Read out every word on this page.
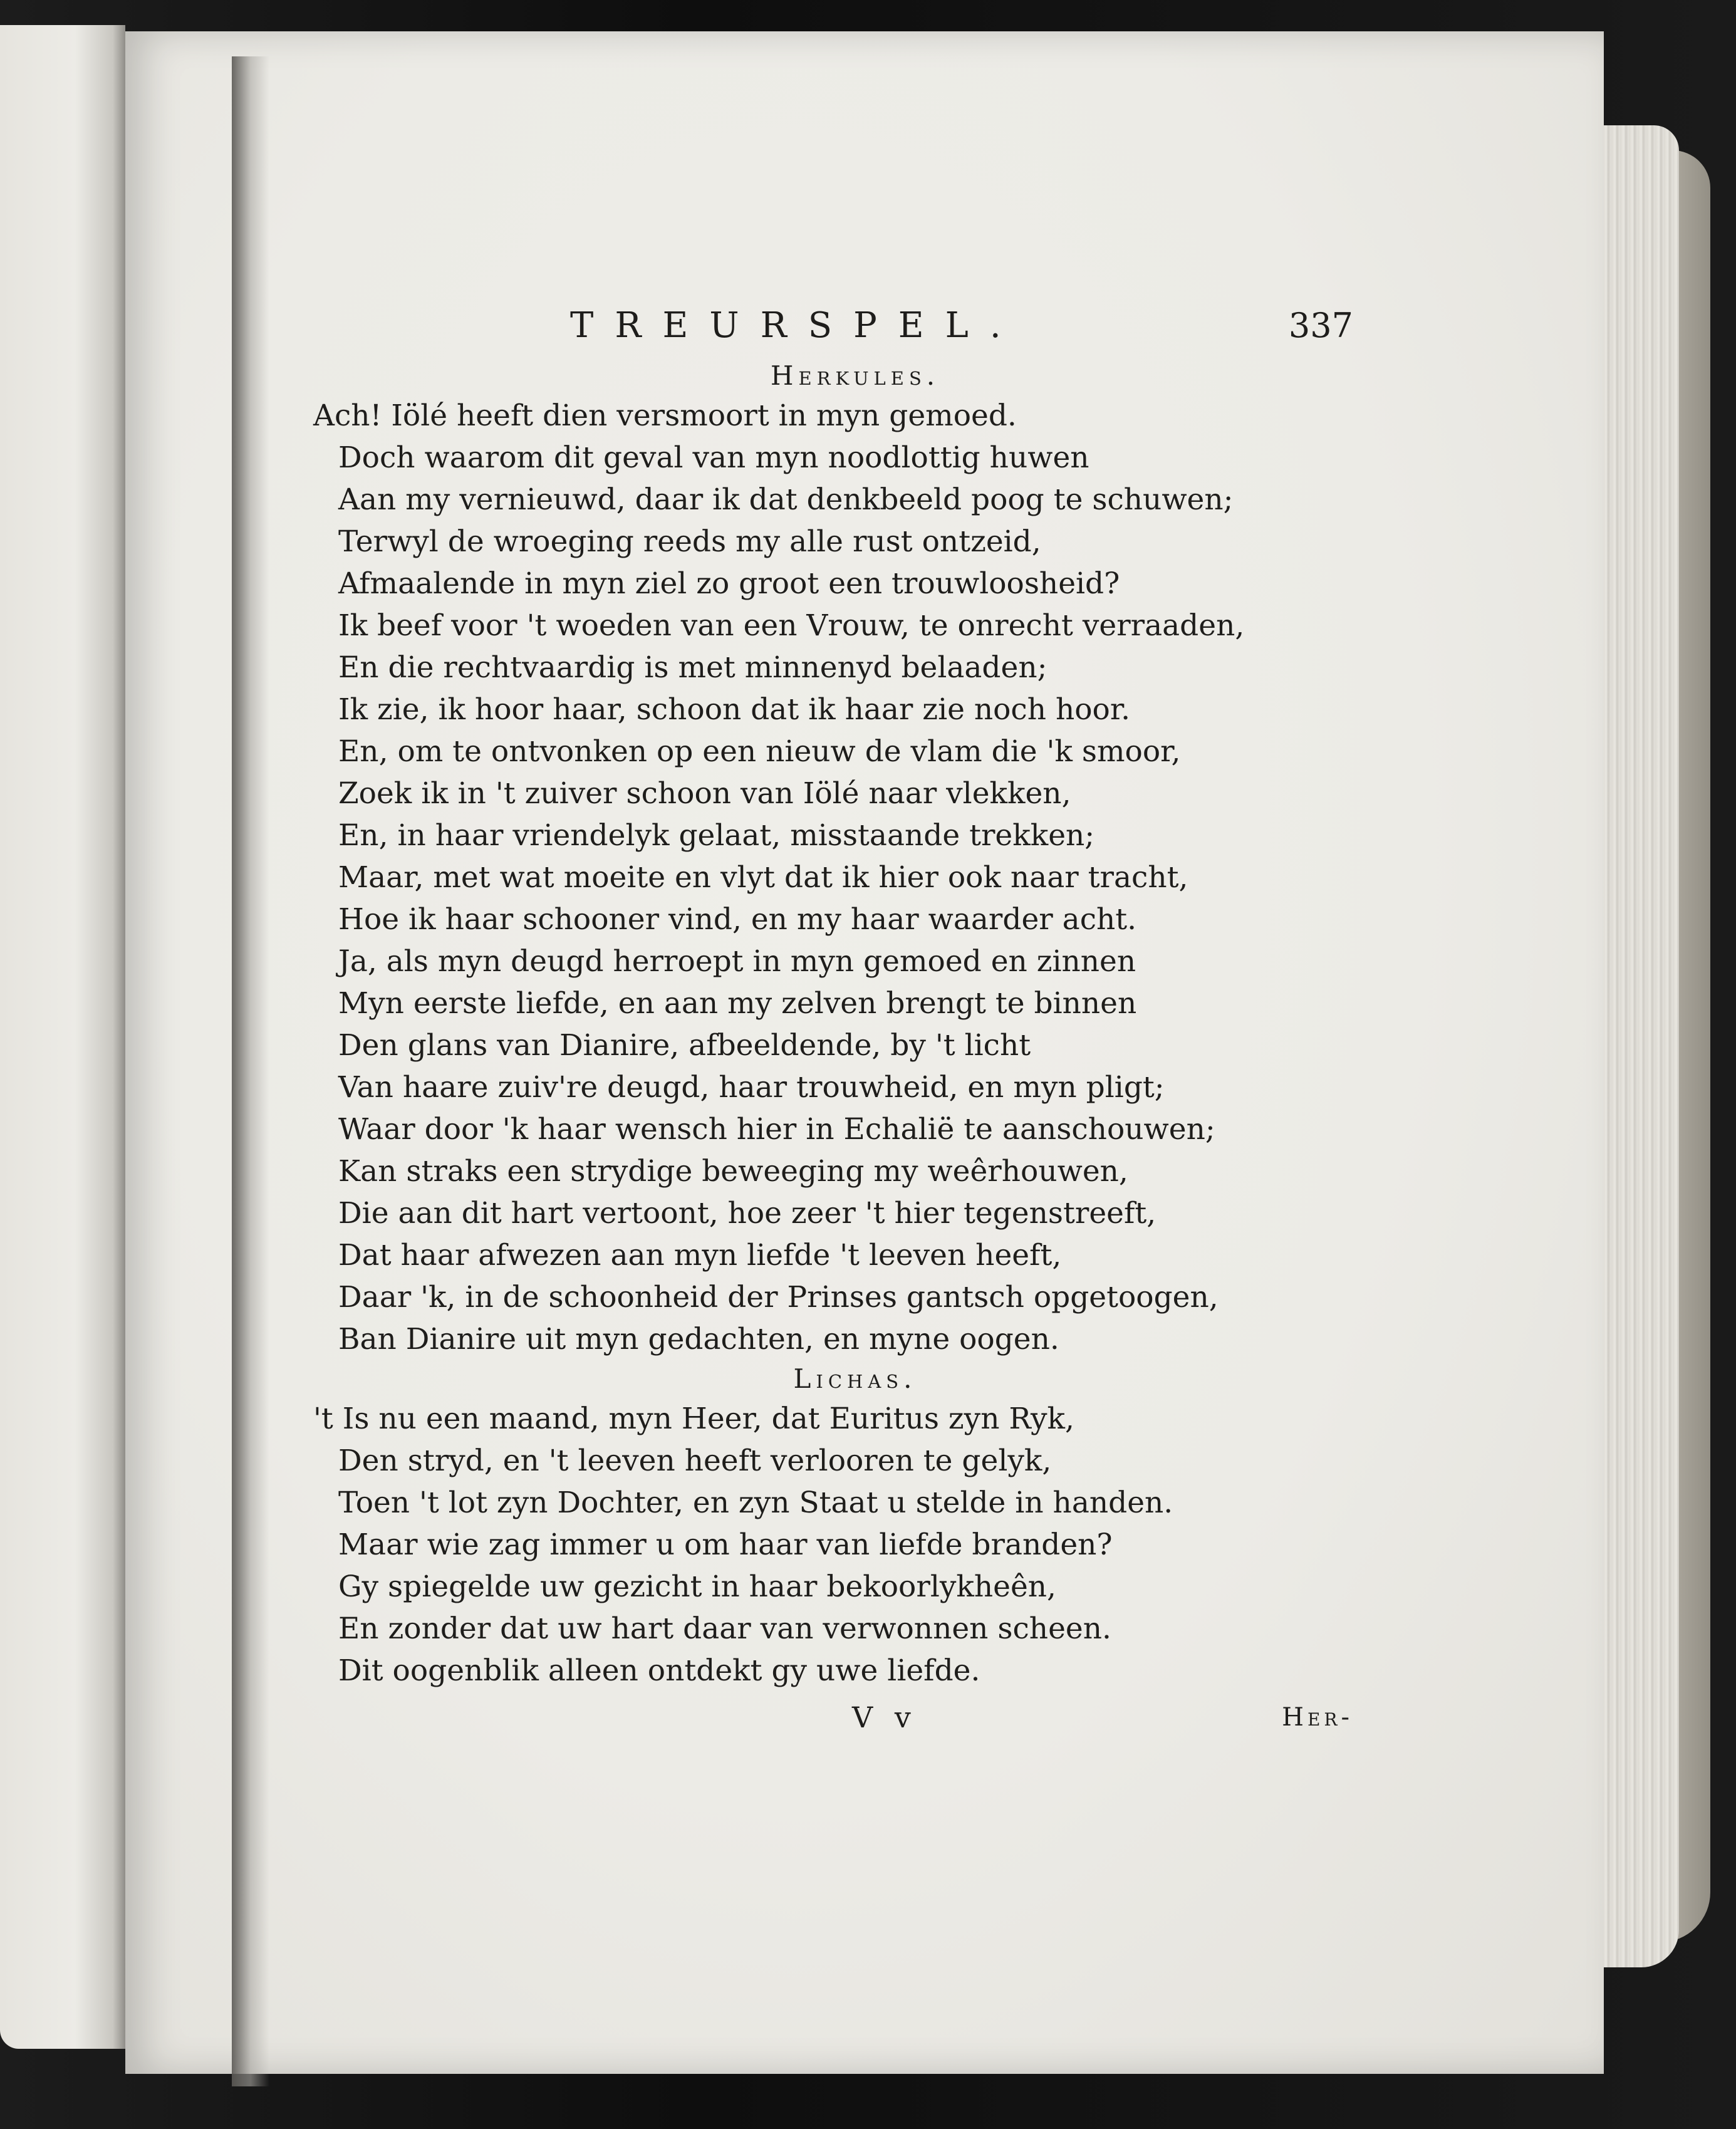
TREURSPEL.	337
Herkules.
Ach! Iölé heeft dien versmoort in myn gemoed.
Doch waarom dit geval van myn noodlottig huwen
Aan my vernieuwd, daar ik dat denkbeeld poog te schuwen;
Terwyl de wroeging reeds my alle rust ontzeid,
Afmaalende in myn ziel zo groot een trouwloosheid?
Ik beef voor 't woeden van een Vrouw, te onrecht verraaden,
En die rechtvaardig is met minnenyd belaaden;
Ik zie, ik hoor haar, schoon dat ik haar zie noch hoor.
En, om te ontvonken op een nieuw de vlam die 'k smoor,
Zoek ik in 't zuiver schoon van Iölé naar vlekken,
En, in haar vriendelyk gelaat, misstaande trekken;
Maar, met wat moeite en vlyt dat ik hier ook naar tracht,
Hoe ik haar schooner vind, en my haar waarder acht.
Ja, als myn deugd herroept in myn gemoed en zinnen
Myn eerste liefde, en aan my zelven brengt te binnen
Den glans van Dianire, afbeeldende, by 't licht
Van haare zuiv're deugd, haar trouwheid, en myn pligt;
Waar door 'k haar wensch hier in Echalië te aanschouwen;
Kan straks een strydige beweeging my weêrhouwen,
Die aan dit hart vertoont, hoe zeer 't hier tegenstreeft,
Dat haar afwezen aan myn liefde 't leeven heeft,
Daar 'k, in de schoonheid der Prinses gantsch opgetoogen,
Ban Dianire uit myn gedachten, en myne oogen.
Lichas.
't Is nu een maand, myn Heer, dat Euritus zyn Ryk,
Den stryd, en 't leeven heeft verlooren te gelyk,
Toen 't lot zyn Dochter, en zyn Staat u stelde in handen.
Maar wie zag immer u om haar van liefde branden?
Gy spiegelde uw gezicht in haar bekoorlykheên,
En zonder dat uw hart daar van verwonnen scheen.
Dit oogenblik alleen ontdekt gy uwe liefde.
V v	Her-
